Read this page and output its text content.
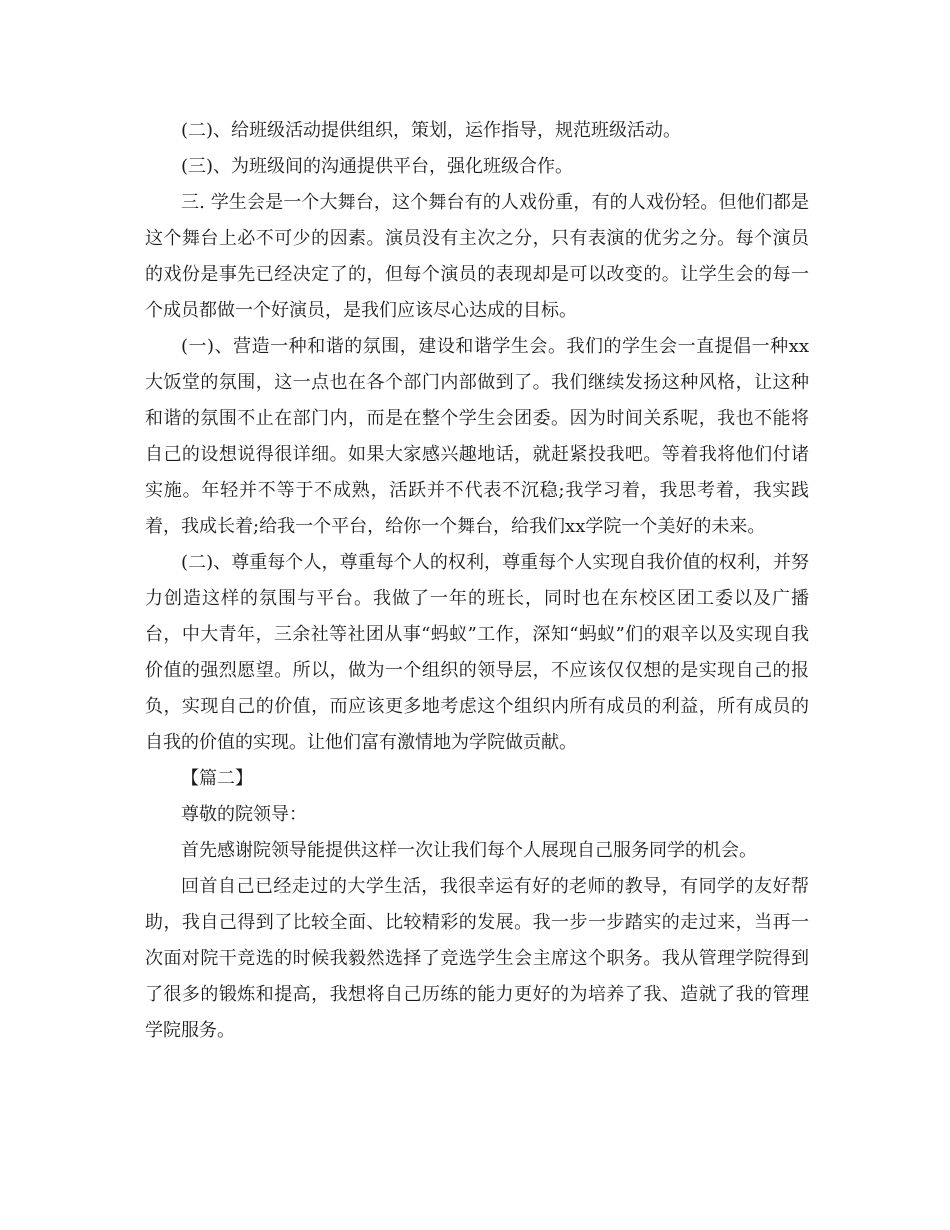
(二)、给班级活动提供组织，策划，运作指导，规范班级活动。

(三)、为班级间的沟通提供平台，强化班级合作。

三. 学生会是一个大舞台，这个舞台有的人戏份重，有的人戏份轻。但他们都是这个舞台上必不可少的因素。演员没有主次之分，只有表演的优劣之分。每个演员的戏份是事先已经决定了的，但每个演员的表现却是可以改变的。让学生会的每一个成员都做一个好演员，是我们应该尽心达成的目标。

(一)、营造一种和谐的氛围，建设和谐学生会。我们的学生会一直提倡一种xx大饭堂的氛围，这一点也在各个部门内部做到了。我们继续发扬这种风格，让这种和谐的氛围不止在部门内，而是在整个学生会团委。因为时间关系呢，我也不能将自己的设想说得很详细。如果大家感兴趣地话，就赶紧投我吧。等着我将他们付诸实施。年轻并不等于不成熟，活跃并不代表不沉稳;我学习着，我思考着，我实践着，我成长着;给我一个平台，给你一个舞台，给我们xx学院一个美好的未来。

(二)、尊重每个人，尊重每个人的权利，尊重每个人实现自我价值的权利，并努力创造这样的氛围与平台。我做了一年的班长，同时也在东校区团工委以及广播台，中大青年，三余社等社团从事“蚂蚁”工作，深知“蚂蚁”们的艰辛以及实现自我价值的强烈愿望。所以，做为一个组织的领导层，不应该仅仅想的是实现自己的报负，实现自己的价值，而应该更多地考虑这个组织内所有成员的利益，所有成员的自我的价值的实现。让他们富有激情地为学院做贡献。

【篇二】

尊敬的院领导：

首先感谢院领导能提供这样一次让我们每个人展现自己服务同学的机会。

回首自己已经走过的大学生活，我很幸运有好的老师的教导，有同学的友好帮助，我自己得到了比较全面、比较精彩的发展。我一步一步踏实的走过来，当再一次面对院干竞选的时候我毅然选择了竞选学生会主席这个职务。我从管理学院得到了很多的锻炼和提高，我想将自己历练的能力更好的为培养了我、造就了我的管理学院服务。
